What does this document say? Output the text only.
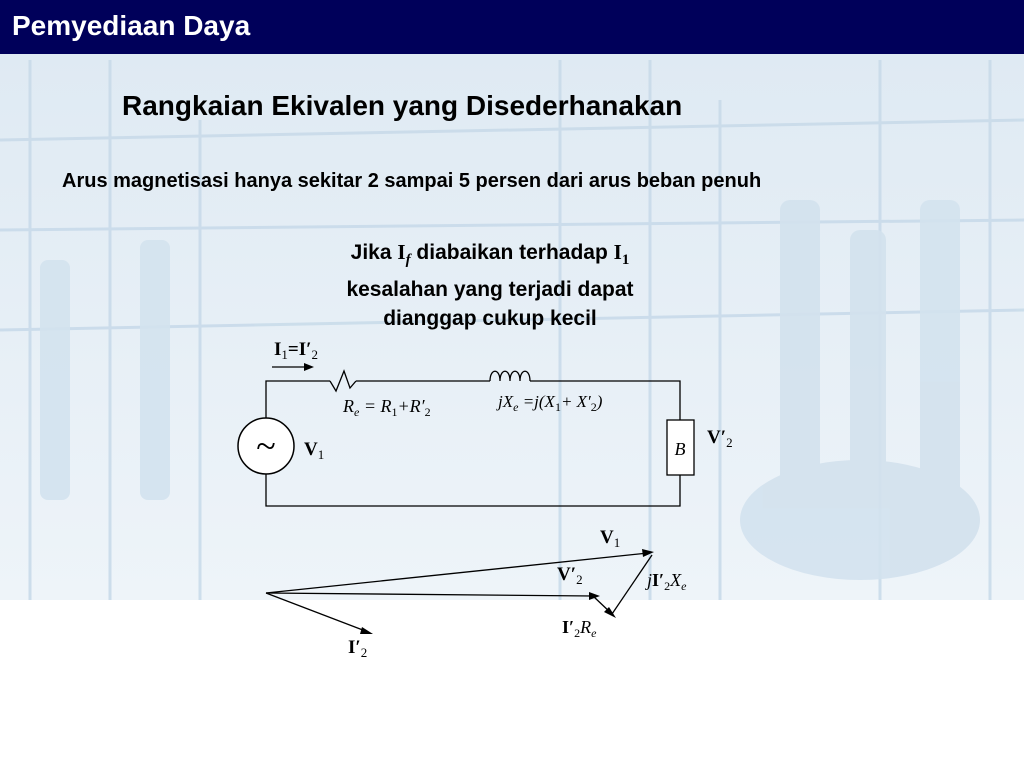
Pemyediaan Daya
Rangkaian Ekivalen yang Disederhanakan
Arus magnetisasi hanya sekitar 2 sampai 5 persen dari arus beban penuh
Jika $I_f$ diabaikan terhadap $I_1$
kesalahan yang terjadi dapat
dianggap cukup kecil
~	B
$I_1=I'_2$
$R_e = R_1+R'_2$
$jX_e =j(X_1+ X'_2)$
$V_1$
$V'_2$
$V_1$
$V'_2$	$jI'_2X_e$
$I'_2R_e$
$I'_2$
